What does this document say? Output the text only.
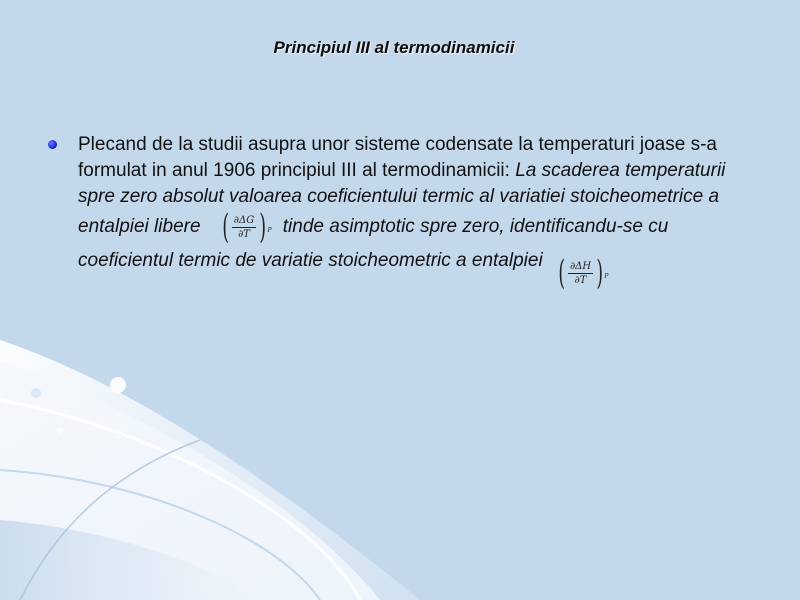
Principiul III al termodinamicii
Plecand de la studii asupra unor sisteme codensate la temperaturi joase s-a formulat in anul 1906 principiul III al termodinamicii: La scaderea temperaturii spre zero absolut valoarea coeficientului termic al variatiei stoicheometrice a entalpiei libere ( $\frac{\partial\Delta G}{\partial T} )P$ tinde asimptotic spre zero, identificandu-se cu coeficientul termic de variatie stoicheometric a entalpiei ( $\frac{\partial\Delta H}{\partial T} )P$
